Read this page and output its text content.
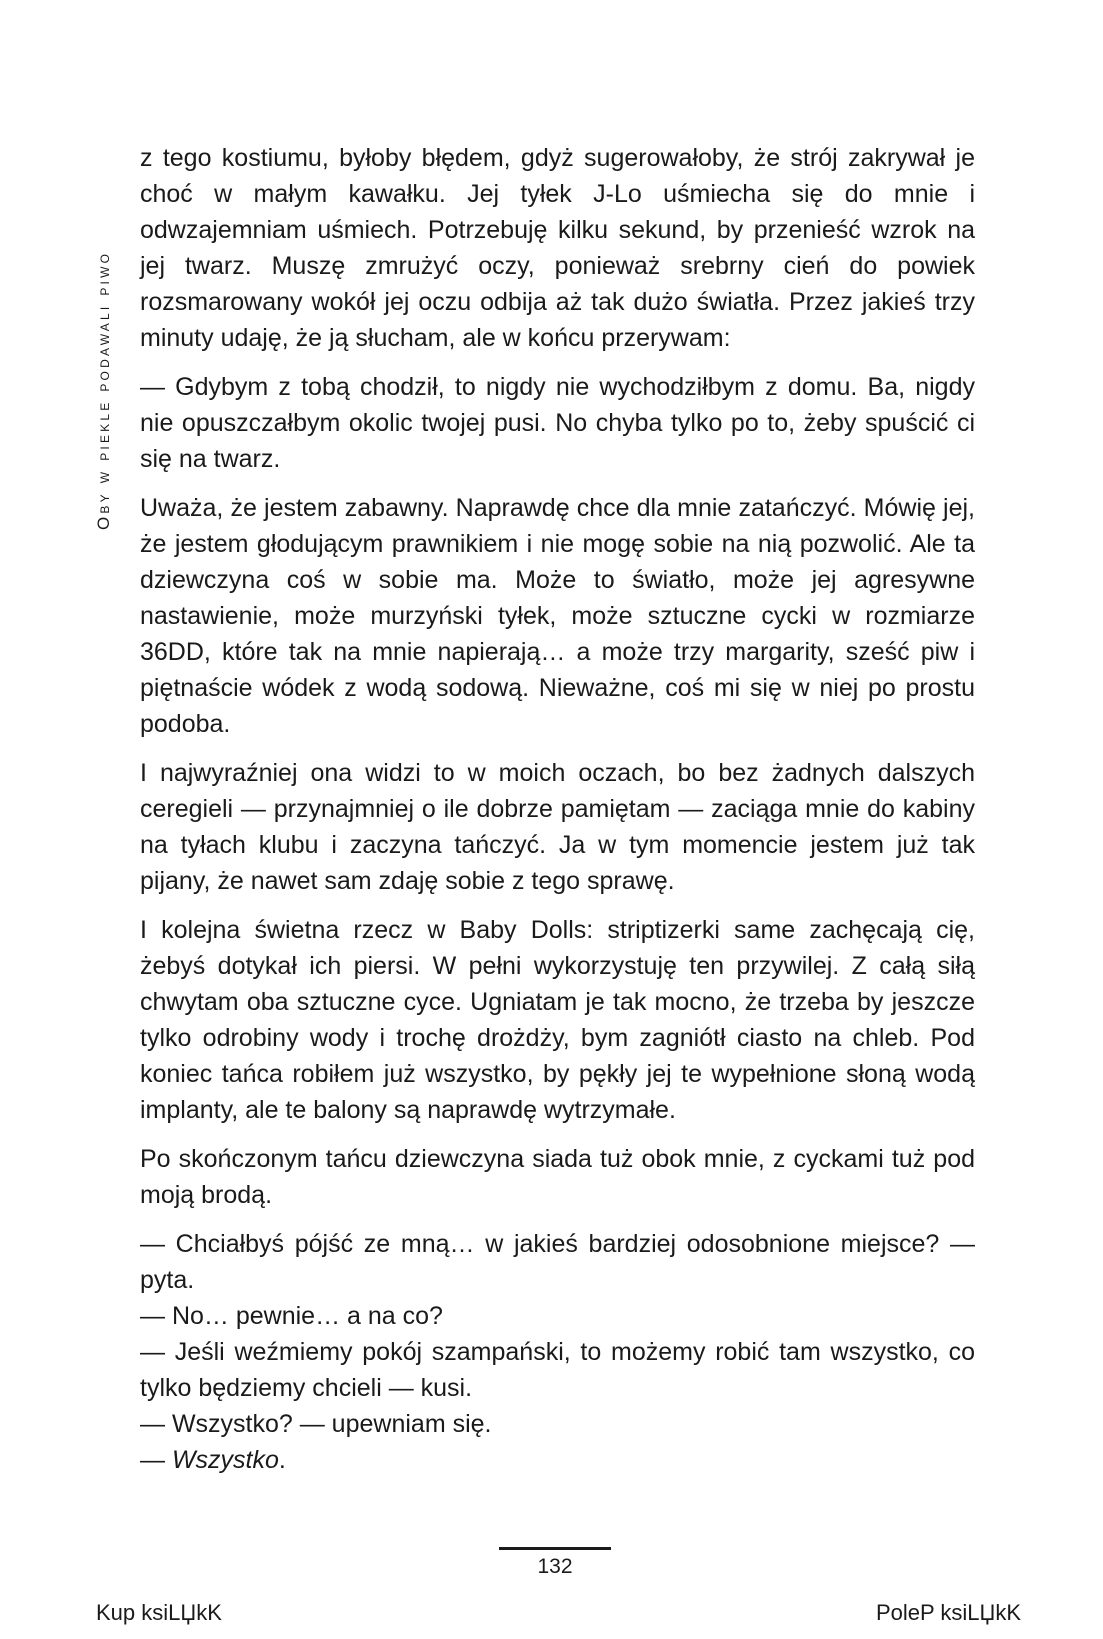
Oby w piekle podawali piwo

z tego kostiumu, byłoby błędem, gdyż sugerowałoby, że strój zakrywał je choć w małym kawałku. Jej tyłek J-Lo uśmiecha się do mnie i odwzajemniam uśmiech. Potrzebuję kilku sekund, by przenieść wzrok na jej twarz. Muszę zmrużyć oczy, ponieważ srebrny cień do powiek rozsmarowany wokół jej oczu odbija aż tak dużo światła. Przez jakieś trzy minuty udaję, że ją słucham, ale w końcu przerywam:

— Gdybym z tobą chodził, to nigdy nie wychodziłbym z domu. Ba, nigdy nie opuszczałbym okolic twojej pusi. No chyba tylko po to, żeby spuścić ci się na twarz.

Uważa, że jestem zabawny. Naprawdę chce dla mnie zatańczyć. Mówię jej, że jestem głodującym prawnikiem i nie mogę sobie na nią pozwolić. Ale ta dziewczyna coś w sobie ma. Może to światło, może jej agresywne nastawienie, może murzyński tyłek, może sztuczne cycki w rozmiarze 36DD, które tak na mnie napierają… a może trzy margarity, sześć piw i piętnaście wódek z wodą sodową. Nieważne, coś mi się w niej po prostu podoba.

I najwyraźniej ona widzi to w moich oczach, bo bez żadnych dalszych ceregieli — przynajmniej o ile dobrze pamiętam — zaciąga mnie do kabiny na tyłach klubu i zaczyna tańczyć. Ja w tym momencie jestem już tak pijany, że nawet sam zdaję sobie z tego sprawę.

I kolejna świetna rzecz w Baby Dolls: striptizerki same zachęcają cię, żebyś dotykał ich piersi. W pełni wykorzystuję ten przywilej. Z całą siłą chwytam oba sztuczne cyce. Ugniatam je tak mocno, że trzeba by jeszcze tylko odrobiny wody i trochę drożdży, bym zagniótł ciasto na chleb. Pod koniec tańca robiłem już wszystko, by pękły jej te wypełnione słoną wodą implanty, ale te balony są naprawdę wytrzymałe.

Po skończonym tańcu dziewczyna siada tuż obok mnie, z cyckami tuż pod moją brodą.

— Chciałbyś pójść ze mną… w jakieś bardziej odosobnione miejsce? — pyta.

— No… pewnie… a na co?

— Jeśli weźmiemy pokój szampański, to możemy robić tam wszystko, co tylko będziemy chcieli — kusi.

— Wszystko? — upewniam się.

— Wszystko.

132
Kup ksiLЏkK	PoleP ksiLЏkK
